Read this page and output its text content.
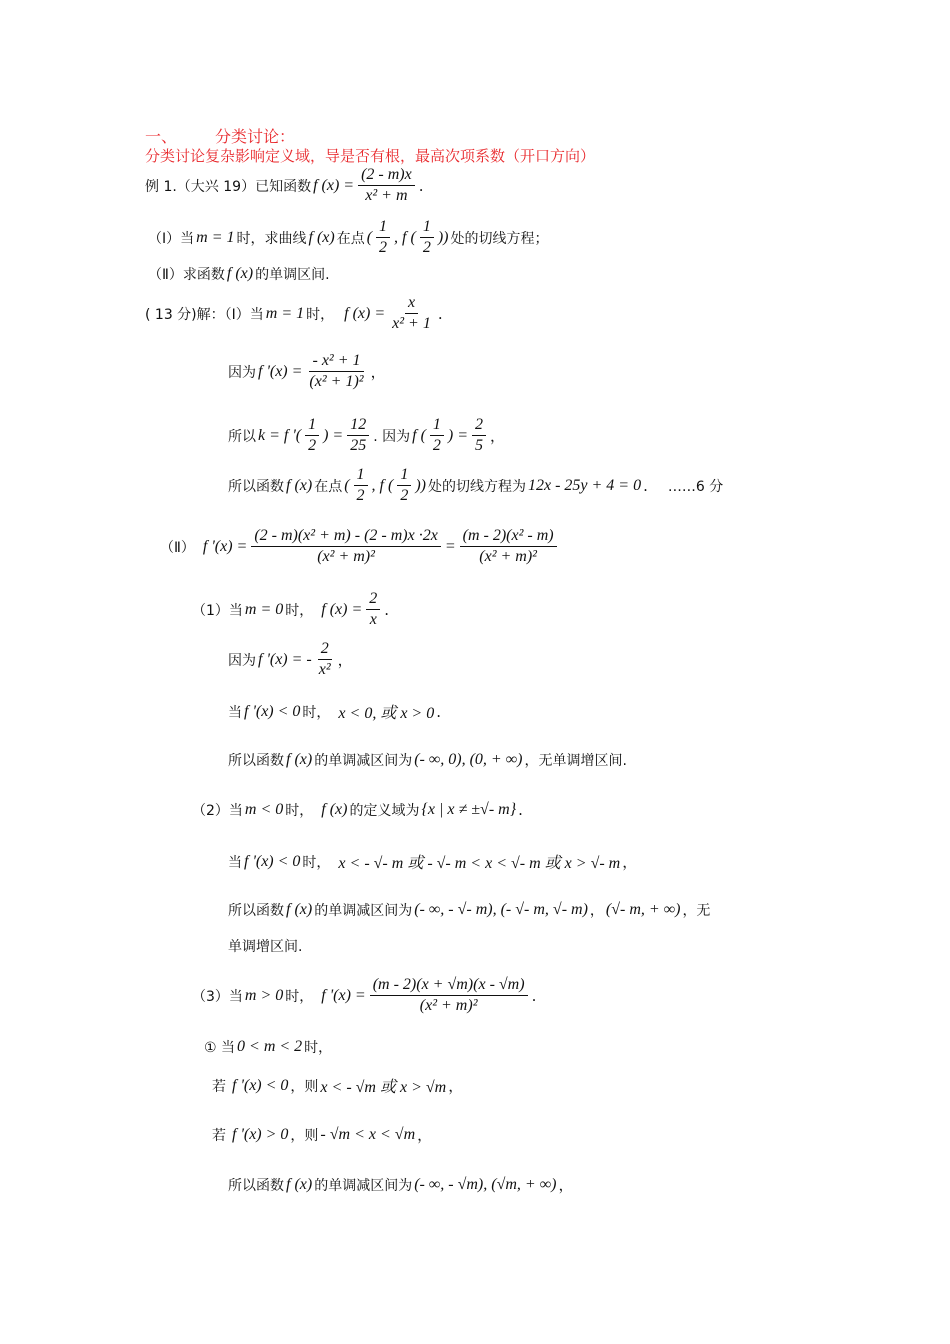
一、 分类讨论：
分类讨论复杂影响定义域，导是否有根，最高次项系数（开口方向）
例 1.（大兴 19）已知函数 f $(x) = \frac{(2 - m)x}{\text{x² + m}}$ .
（Ⅰ）当 m = 1 时，求曲线 f (x) 在点 ( $\frac{1}{2}$ , f ( $\frac{1}{2}$ )) 处的切线方程；
（Ⅱ）求函数 f (x) 的单调区间.
( 13 分)解：（Ⅰ）当 m = 1 时， f $(x) = \frac{x}{\text{x² + 1}}$ .
因为 f '$(x) = \frac{\text{- x² + 1}}{\text{(x² + 1)²}}$ ，
所以 k = f '( $\frac{1}{2}$ ) = $\frac{12}{25}$ . 因为 f ( $\frac{1}{2}$ ) = $\frac{2}{5}$ ，
所以函数 f (x) 在点 ( $\frac{1}{2}$ , f ( $\frac{1}{2}$ )) 处的切线方程为 12x - 25y + 4 = 0 . ……6 分
（Ⅱ） f '$(x) = \frac{\text{(2 - m)(x² + m) - (2 - m)x ·2x}}{\text{(x² + m)²}} = \frac{\text{(m - 2)(x² - m)}}{\text{(x² + m)²}}$
（1）当 m = 0 时， f $(x) = \frac{2}{x}$ .
因为 f '(x) = - $\frac{2}{\text{x²}}$ ，
当 f '(x) < 0 时， x < 0, 或 x > 0 .
所以函数 f (x) 的单调减区间为 (- ∞, 0), (0, + ∞) ，无单调增区间.
（2）当 m < 0 时， f (x) 的定义域为 {x | x ≠ ±√- m} .
当 f '(x) < 0 时， x < - √- m 或 - √- m < x < √- m 或 x > √- m ，
所以函数 f (x) 的单调减区间为 (- ∞, - √- m), (- √- m, √- m) ， (√- m, + ∞) ，无
单调增区间.
（3）当 m > 0 时， f '$(x) = \frac{(m - 2)(x + √m)(x - √m)}{\text{(x² + m)²}}$ .
① 当 0 < m < 2 时，
若 f '(x) < 0 ，则 x < - √m 或 x > √m ，
若 f '(x) > 0 ，则 - √m < x < √m ，
所以函数 f (x) 的单调减区间为 (- ∞, - √m), (√m, + ∞) ，
